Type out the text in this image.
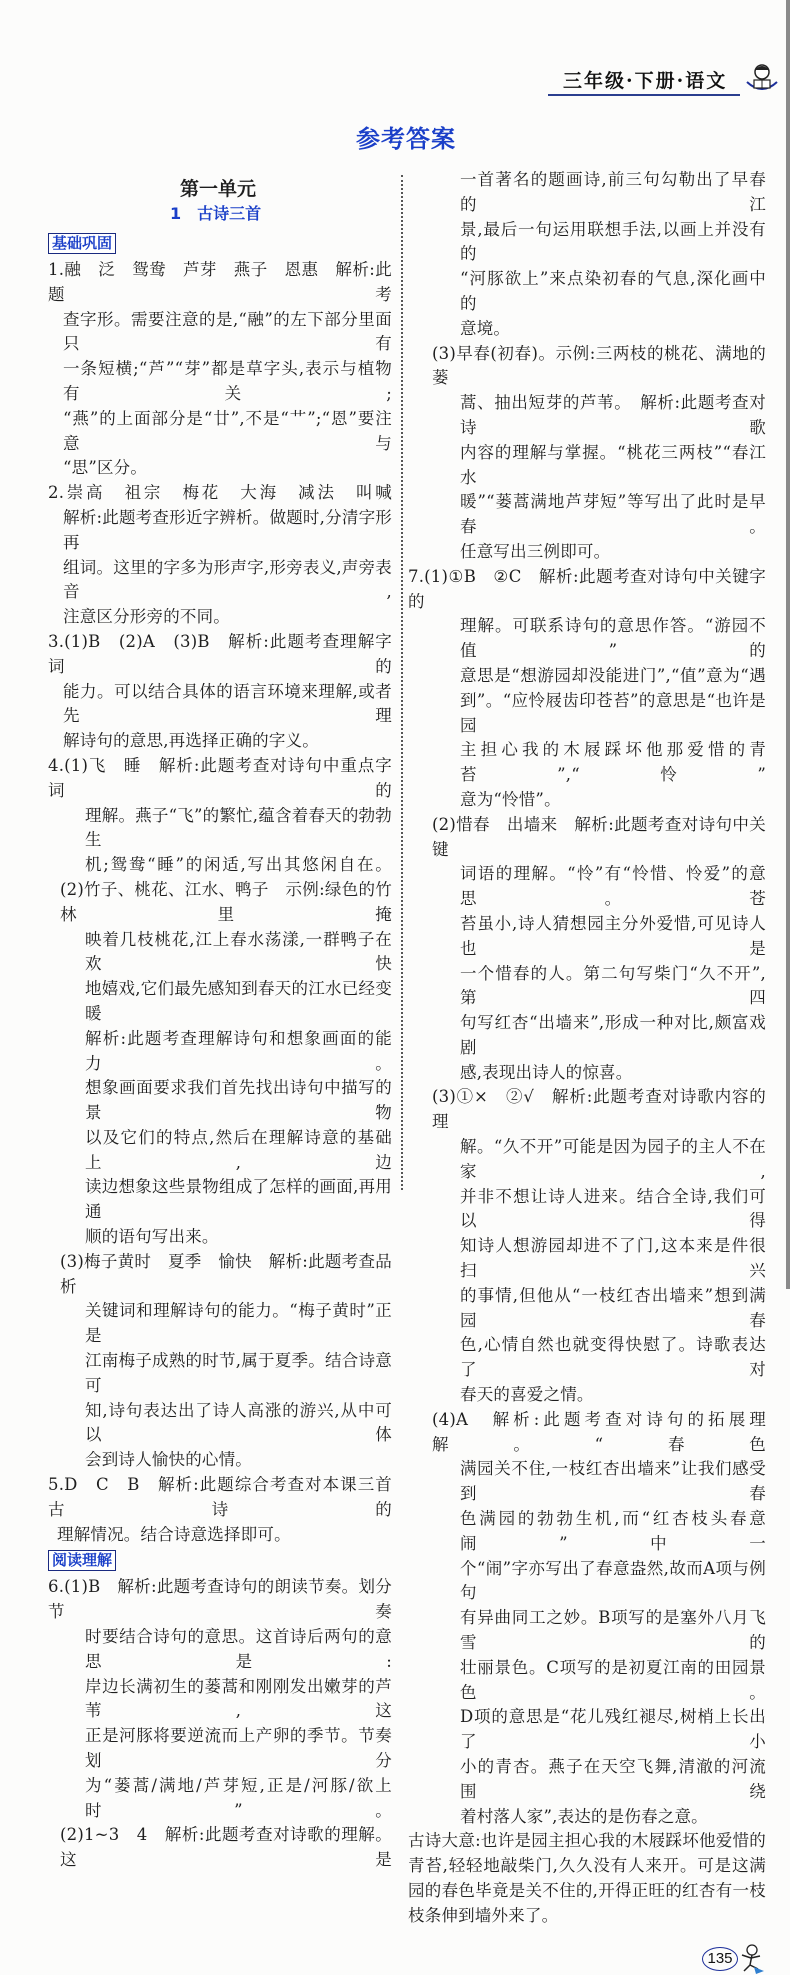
三年级·下册·语文
参考答案
第一单元
1　古诗三首
基础巩固
1.融　泛　鸳鸯　芦芽　燕子　恩惠　解析:此题考
查字形。需要注意的是,“融”的左下部分里面只有
一条短横;“芦”“芽”都是草字头,表示与植物有关;
“燕”的上面部分是“廿”,不是“艹”;“恩”要注意与
“思”区分。
2.崇高　祖宗　梅花　大海　减法　叫喊
解析:此题考查形近字辨析。做题时,分清字形再
组词。这里的字多为形声字,形旁表义,声旁表音,
注意区分形旁的不同。
3.(1)B　(2)A　(3)B　解析:此题考查理解字词的
能力。可以结合具体的语言环境来理解,或者先理
解诗句的意思,再选择正确的字义。
4.(1)飞　睡　解析:此题考查对诗句中重点字词的
理解。燕子“飞”的繁忙,蕴含着春天的勃勃生
机;鸳鸯“睡”的闲适,写出其悠闲自在。
(2)竹子、桃花、江水、鸭子　示例:绿色的竹林里掩
映着几枝桃花,江上春水荡漾,一群鸭子在欢快
地嬉戏,它们最先感知到春天的江水已经变暖
解析:此题考查理解诗句和想象画面的能力。
想象画面要求我们首先找出诗句中描写的景物
以及它们的特点,然后在理解诗意的基础上,边
读边想象这些景物组成了怎样的画面,再用通
顺的语句写出来。
(3)梅子黄时　夏季　愉快　解析:此题考查品析
关键词和理解诗句的能力。“梅子黄时”正是
江南梅子成熟的时节,属于夏季。结合诗意可
知,诗句表达出了诗人高涨的游兴,从中可以体
会到诗人愉快的心情。
5.D　C　B　解析:此题综合考查对本课三首古诗的
理解情况。结合诗意选择即可。
阅读理解
6.(1)B　解析:此题考查诗句的朗读节奏。划分节奏
时要结合诗句的意思。这首诗后两句的意思是:
岸边长满初生的蒌蒿和刚刚发出嫩芽的芦苇,这
正是河豚将要逆流而上产卵的季节。节奏划分
为“蒌蒿/满地/芦芽短,正是/河豚/欲上时”。
(2)1~3　4　解析:此题考查对诗歌的理解。这是
一首著名的题画诗,前三句勾勒出了早春的江
景,最后一句运用联想手法,以画上并没有的
“河豚欲上”来点染初春的气息,深化画中的
意境。
(3)早春(初春)。示例:三两枝的桃花、满地的蒌
蒿、抽出短芽的芦苇。　解析:此题考查对诗歌
内容的理解与掌握。“桃花三两枝”“春江水
暖”“蒌蒿满地芦芽短”等写出了此时是早春。
任意写出三例即可。
7.(1)①B　②C　解析:此题考查对诗句中关键字的
理解。可联系诗句的意思作答。“游园不值”的
意思是“想游园却没能进门”,“值”意为“遇
到”。“应怜屐齿印苍苔”的意思是“也许是园
主担心我的木屐踩坏他那爱惜的青苔”,“怜”
意为“怜惜”。
(2)惜春　出墙来　解析:此题考查对诗句中关键
词语的理解。“怜”有“怜惜、怜爱”的意思。苍
苔虽小,诗人猜想园主分外爱惜,可见诗人也是
一个惜春的人。第二句写柴门“久不开”,第四
句写红杏“出墙来”,形成一种对比,颇富戏剧
感,表现出诗人的惊喜。
(3)①×　②√　解析:此题考查对诗歌内容的理
解。“久不开”可能是因为园子的主人不在家,
并非不想让诗人进来。结合全诗,我们可以得
知诗人想游园却进不了门,这本来是件很扫兴
的事情,但他从“一枝红杏出墙来”想到满园春
色,心情自然也就变得快慰了。诗歌表达了对
春天的喜爱之情。
(4)A　解析:此题考查对诗句的拓展理解。“春色
满园关不住,一枝红杏出墙来”让我们感受到春
色满园的勃勃生机,而“红杏枝头春意闹”中一
个“闹”字亦写出了春意盎然,故而A项与例句
有异曲同工之妙。B项写的是塞外八月飞雪的
壮丽景色。C项写的是初夏江南的田园景色。
D项的意思是“花儿残红褪尽,树梢上长出了小
小的青杏。燕子在天空飞舞,清澈的河流围绕
着村落人家”,表达的是伤春之意。
古诗大意:也许是园主担心我的木屐踩坏他爱惜的
青苔,轻轻地敲柴门,久久没有人来开。可是这满
园的春色毕竟是关不住的,开得正旺的红杏有一枝
枝条伸到墙外来了。
135
